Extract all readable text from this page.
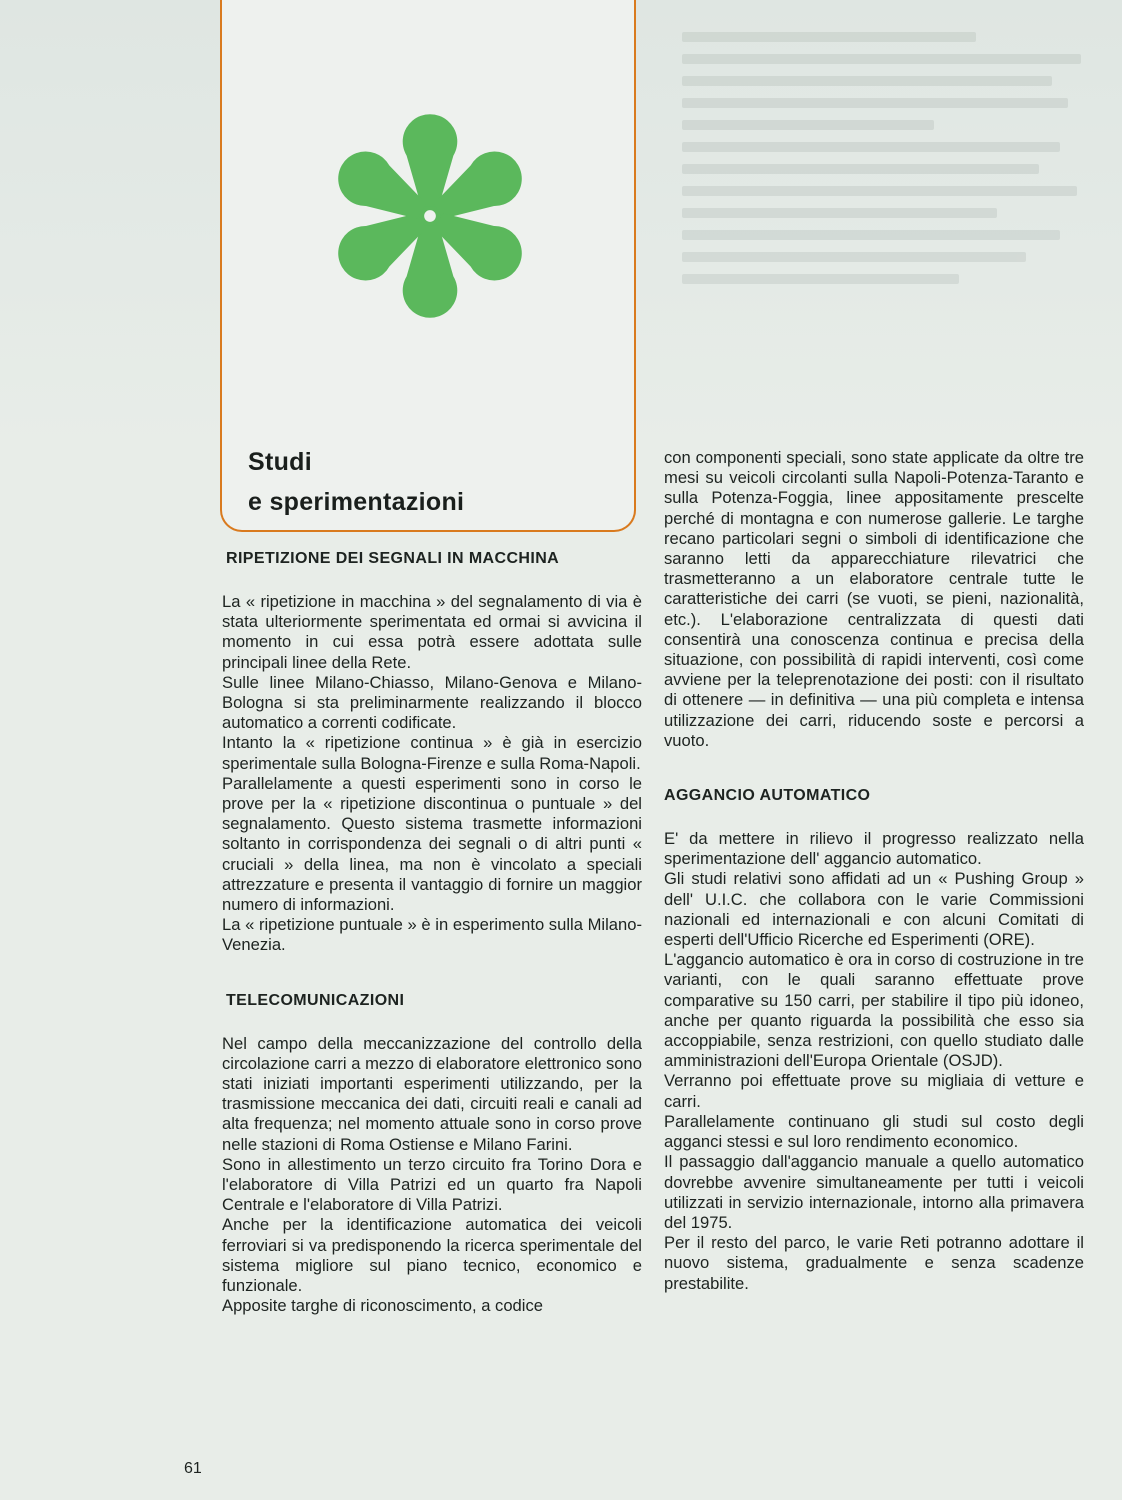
Studi
e sperimentazioni
RIPETIZIONE DEI SEGNALI IN MACCHINA

La « ripetizione in macchina » del segnalamento di via è stata ulteriormente sperimentata ed ormai si avvicina il momento in cui essa potrà essere adottata sulle principali linee della Rete.

Sulle linee Milano-Chiasso, Milano-Genova e Milano-Bologna si sta preliminarmente realizzando il blocco automatico a correnti codificate.

Intanto la « ripetizione continua » è già in esercizio sperimentale sulla Bologna-Firenze e sulla Roma-Napoli.

Parallelamente a questi esperimenti sono in corso le prove per la « ripetizione discontinua o puntuale » del segnalamento. Questo sistema trasmette informazioni soltanto in corrispondenza dei segnali o di altri punti « cruciali » della linea, ma non è vincolato a speciali attrezzature e presenta il vantaggio di fornire un maggior numero di informazioni.

La « ripetizione puntuale » è in esperimento sulla Milano-Venezia.

TELECOMUNICAZIONI

Nel campo della meccanizzazione del controllo della circolazione carri a mezzo di elaboratore elettronico sono stati iniziati importanti esperimenti utilizzando, per la trasmissione meccanica dei dati, circuiti reali e canali ad alta frequenza; nel momento attuale sono in corso prove nelle stazioni di Roma Ostiense e Milano Farini.

Sono in allestimento un terzo circuito fra Torino Dora e l'elaboratore di Villa Patrizi ed un quarto fra Napoli Centrale e l'elaboratore di Villa Patrizi.

Anche per la identificazione automatica dei veicoli ferroviari si va predisponendo la ricerca sperimentale del sistema migliore sul piano tecnico, economico e funzionale.

Apposite targhe di riconoscimento, a codice

con componenti speciali, sono state applicate da oltre tre mesi su veicoli circolanti sulla Napoli-Potenza-Taranto e sulla Potenza-Foggia, linee appositamente prescelte perché di montagna e con numerose gallerie. Le targhe recano particolari segni o simboli di identificazione che saranno letti da apparecchiature rilevatrici che trasmetteranno a un elaboratore centrale tutte le caratteristiche dei carri (se vuoti, se pieni, nazionalità, etc.). L'elaborazione centralizzata di questi dati consentirà una conoscenza continua e precisa della situazione, con possibilità di rapidi interventi, così come avviene per la teleprenotazione dei posti: con il risultato di ottenere — in definitiva — una più completa e intensa utilizzazione dei carri, riducendo soste e percorsi a vuoto.

AGGANCIO AUTOMATICO

E' da mettere in rilievo il progresso realizzato nella sperimentazione dell' aggancio automatico.

Gli studi relativi sono affidati ad un « Pushing Group » dell' U.I.C. che collabora con le varie Commissioni nazionali ed internazionali e con alcuni Comitati di esperti dell'Ufficio Ricerche ed Esperimenti (ORE).

L'aggancio automatico è ora in corso di costruzione in tre varianti, con le quali saranno effettuate prove comparative su 150 carri, per stabilire il tipo più idoneo, anche per quanto riguarda la possibilità che esso sia accoppiabile, senza restrizioni, con quello studiato dalle amministrazioni dell'Europa Orientale (OSJD).

Verranno poi effettuate prove su migliaia di vetture e carri.

Parallelamente continuano gli studi sul costo degli agganci stessi e sul loro rendimento economico.

Il passaggio dall'aggancio manuale a quello automatico dovrebbe avvenire simultaneamente per tutti i veicoli utilizzati in servizio internazionale, intorno alla primavera del 1975.

Per il resto del parco, le varie Reti potranno adottare il nuovo sistema, gradualmente e senza scadenze prestabilite.

61
